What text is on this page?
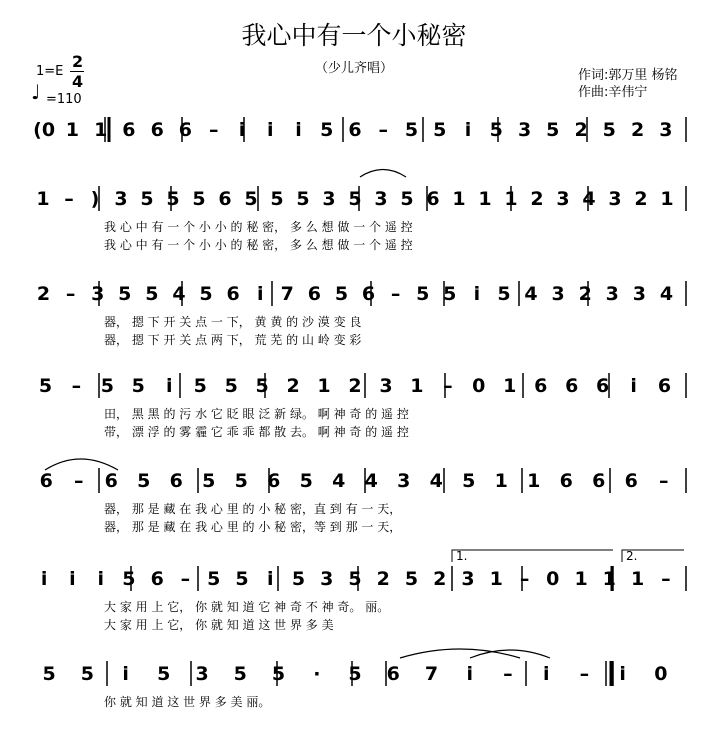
我心中有一个小秘密
（少儿齐唱）
1=E
2
4
♩ =110
作词:郭万里 杨铭
作曲:辛伟宁
1.	2.
(0 1 1 6 6 6 – i i i 5 6 – 5 5 i 5 3 5 2 5 2 3
1 – ) 3 5 5 5 6 5 5 5 3 5 3 5 6 1 1 1 2 3 4 3 2 1
我 心 中 有 一 个 小 小 的 秘 密， 多 么 想 做 一 个 遥 控
我 心 中 有 一 个 小 小 的 秘 密， 多 么 想 做 一 个 遥 控
2 – 3 5 5 4 5 6 i 7 6 5 6 – 5 5 i 5 4 3 2 3 3 4
器， 摁 下 开 关 点 一 下， 黄 黄 的 沙 漠 变 良
器， 摁 下 开 关 点 两 下， 荒 芜 的 山 岭 变 彩
5 – 5 5 i 5 5 5 2 1 2 3 1 – 0 1 6 6 6 i 6
田， 黑 黑 的 污 水 它 眨 眼 泛 新 绿。 啊 神 奇 的 遥 控
带， 漂 浮 的 雾 霾 它 乖 乖 都 散 去。 啊 神 奇 的 遥 控
6 – 6 5 6 5 5 6 5 4 4 3 4 5 1 1 6 6 6 –
器， 那 是 藏 在 我 心 里 的 小 秘 密，直 到 有 一 天，
器， 那 是 藏 在 我 心 里 的 小 秘 密，等 到 那 一 天，
i i i 5 6 – 5 5 i 5 3 5 2 5 2 3 1 – 0 1 1 1 –
大 家 用 上 它， 你 就 知 道 它 神 奇 不 神 奇。 丽。
大 家 用 上 它， 你 就 知 道 这 世 界 多 美
5 5 i 5 3 5 5 · 5 6 7 i – i – i 0
你 就 知 道 这 世 界 多 美 丽。
